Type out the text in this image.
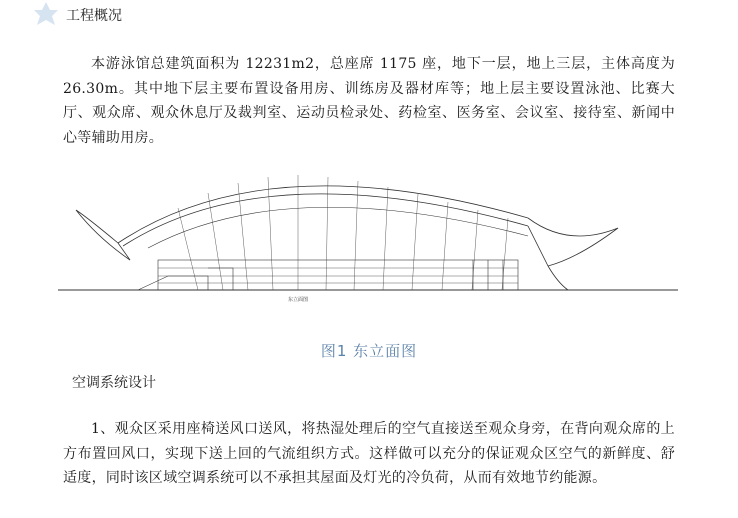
工程概况

本游泳馆总建筑面积为 12231m2，总座席 1175 座，地下一层，地上三层，主体高度为 26.30m。其中地下层主要布置设备用房、训练房及器材库等；地上层主要设置泳池、比赛大厅、观众席、观众休息厅及裁判室、运动员检录处、药检室、医务室、会议室、接待室、新闻中心等辅助用房。

东立面图
图1 东立面图
空调系统设计

1、观众区采用座椅送风口送风，将热湿处理后的空气直接送至观众身旁，在背向观众席的上方布置回风口，实现下送上回的气流组织方式。这样做可以充分的保证观众区空气的新鲜度、舒适度，同时该区域空调系统可以不承担其屋面及灯光的冷负荷，从而有效地节约能源。
